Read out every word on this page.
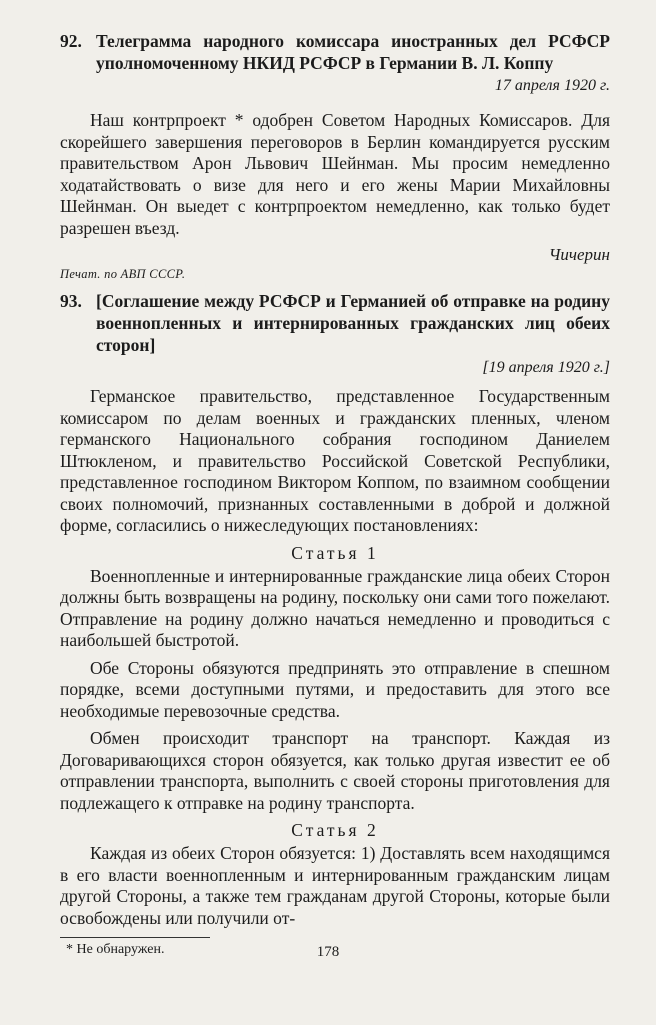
92. Телеграмма народного комиссара иностранных дел РСФСР уполномоченному НКИД РСФСР в Германии В. Л. Коппу
17 апреля 1920 г.

Наш контрпроект * одобрен Советом Народных Комиссаров. Для скорейшего завершения переговоров в Берлин командируется русским правительством Арон Львович Шейнман. Мы просим немедленно ходатайствовать о визе для него и его жены Марии Михайловны Шейнман. Он выедет с контрпроектом немедленно, как только будет разрешен въезд.

Чичерин
Печат. по АВП СССР.
93. [Соглашение между РСФСР и Германией об отправке на родину военнопленных и интернированных гражданских лиц обеих сторон]
[19 апреля 1920 г.]

Германское правительство, представленное Государственным комиссаром по делам военных и гражданских пленных, членом германского Национального собрания господином Даниелем Штюкленом, и правительство Российской Советской Республики, представленное господином Виктором Коппом, по взаимном сообщении своих полномочий, признанных составленными в доброй и должной форме, согласились о нижеследующих постановлениях:

Статья 1

Военнопленные и интернированные гражданские лица обеих Сторон должны быть возвращены на родину, поскольку они сами того пожелают. Отправление на родину должно начаться немедленно и проводиться с наибольшей быстротой.

Обе Стороны обязуются предпринять это отправление в спешном порядке, всеми доступными путями, и предоставить для этого все необходимые перевозочные средства.

Обмен происходит транспорт на транспорт. Каждая из Договаривающихся сторон обязуется, как только другая известит ее об отправлении транспорта, выполнить с своей стороны приготовления для подлежащего к отправке на родину транспорта.

Статья 2

Каждая из обеих Сторон обязуется: 1) Доставлять всем находящимся в его власти военнопленным и интернированным гражданским лицам другой Стороны, а также тем гражданам другой Стороны, которые были освобождены или получили от-

* Не обнаружен.	178
